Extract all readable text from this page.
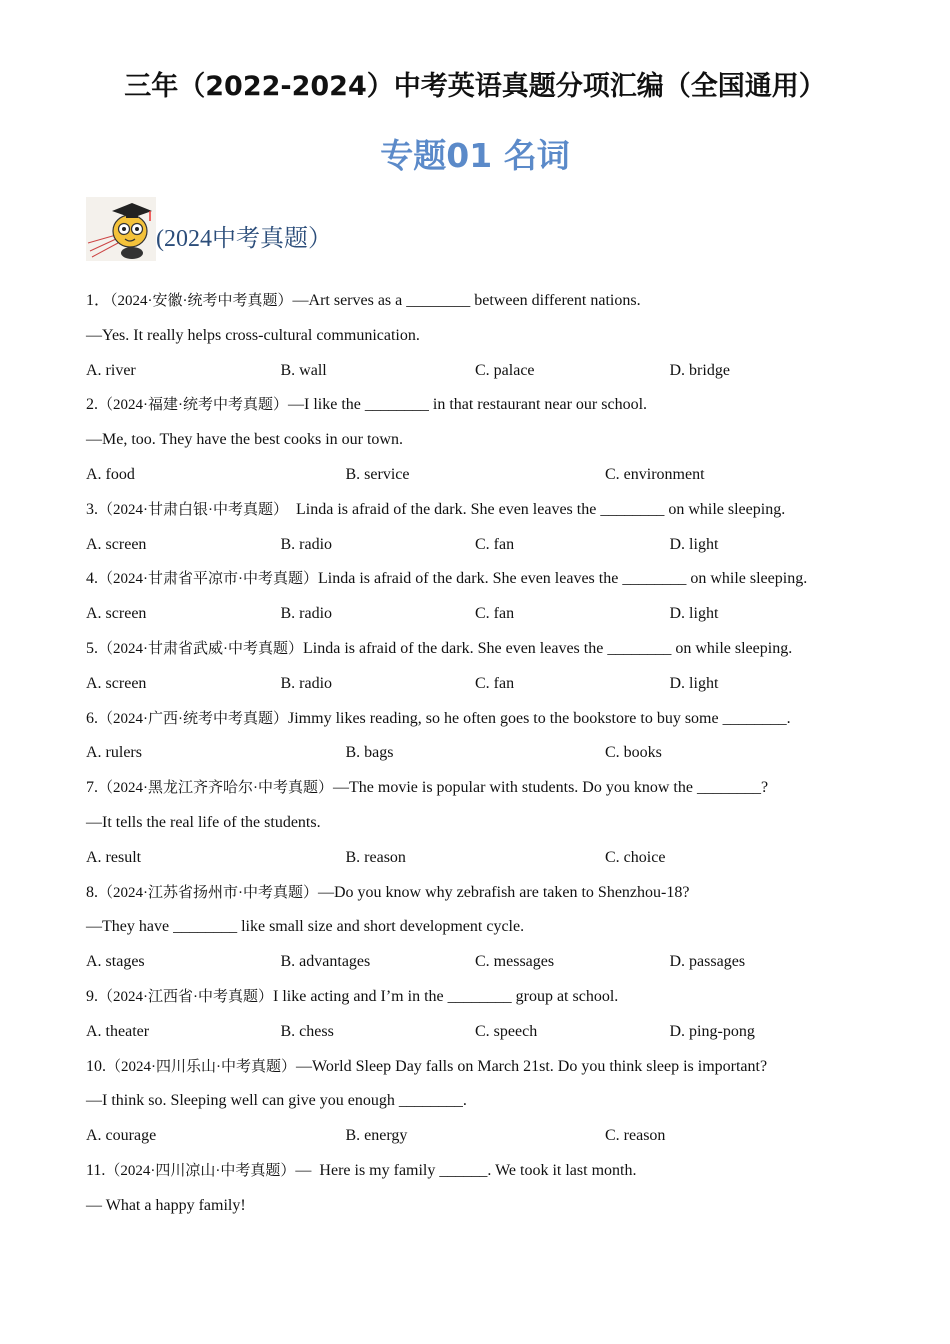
三年（2022-2024）中考英语真题分项汇编（全国通用）
专题01 名词
(2024中考真题）
1．（2024·安徽·统考中考真题）—Art serves as a ________ between different nations.
—Yes. It really helps cross-cultural communication.
A. river	B. wall	C. palace	D. bridge
2.（2024·福建·统考中考真题）—I like the ________ in that restaurant near our school.
—Me, too. They have the best cooks in our town.
A. food	B. service	C. environment
3.（2024·甘肃白银·中考真题）  Linda is afraid of the dark. She even leaves the ________ on while sleeping.
A. screen	B. radio	C. fan	D. light
4.（2024·甘肃省平凉市·中考真题）Linda is afraid of the dark. She even leaves the ________ on while sleeping.
A. screen	B. radio	C. fan	D. light
5.（2024·甘肃省武威·中考真题）Linda is afraid of the dark. She even leaves the ________ on while sleeping.
A. screen	B. radio	C. fan	D. light
6.（2024·广西·统考中考真题）Jimmy likes reading, so he often goes to the bookstore to buy some ________.
A. rulers	B. bags	C. books
7.（2024·黑龙江齐齐哈尔·中考真题）—The movie is popular with students. Do you know the ________?
—It tells the real life of the students.
A. result	B. reason	C. choice
8.（2024·江苏省扬州市·中考真题）—Do you know why zebrafish are taken to Shenzhou-18?
—They have ________ like small size and short development cycle.
A. stages	B. advantages	C. messages	D. passages
9.（2024·江西省·中考真题）I like acting and I’m in the ________ group at school.
A. theater	B. chess	C. speech	D. ping-pong
10.（2024·四川乐山·中考真题）—World Sleep Day falls on March 21st. Do you think sleep is important?
—I think so. Sleeping well can give you enough ________.
A. courage	B. energy	C. reason
11.（2024·四川凉山·中考真题）—  Here is my family ______. We took it last month.
— What a happy family!
